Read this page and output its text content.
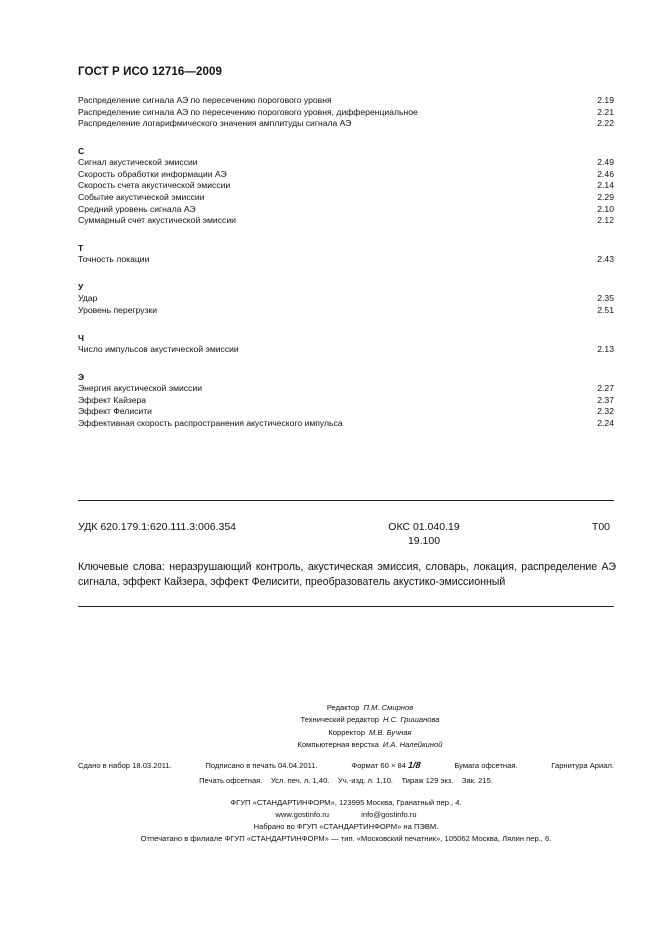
ГОСТ Р ИСО 12716—2009
Распределение сигнала АЭ по пересечению порогового уровня	2.19
Распределение сигнала АЭ по пересечению порогового уровня, дифференциальное	2.21
Распределение логарифмического значения амплитуды сигнала АЭ	2.22
С
Сигнал акустической эмиссии	2.49
Скорость обработки информации АЭ	2.46
Скорость счета акустической эмиссии	2.14
Событие акустической эмиссии	2.29
Средний уровень сигнала АЭ	2.10
Суммарный счет акустической эмиссии	2.12
Т
Точность локации	2.43
У
Удар	2.35
Уровень перегрузки	2.51
Ч
Число импульсов акустической эмиссии	2.13
Э
Энергия акустической эмиссии	2.27
Эффект Кайзера	2.37
Эффект Фелисити	2.32
Эффективная скорость распространения акустического импульса	2.24
УДК 620.179.1:620.111.3:006.354	ОКС 01.040.19
19.100
Т00
Ключевые слова: неразрушающий контроль, акустическая эмиссия, словарь, локация, распределение АЭ сигнала, эффект Кайзера, эффект Фелисити, преобразователь акустико-эмиссионный
Редактор П.М. Смирнов
Технический редактор Н.С. Гришанова
Корректор М.В. Бучная
Компьютерная верстка И.А. Налейкиной
Сдано в набор 18.03.2011.	Подписано в печать 04.04.2011.	Формат 60 × 84 1/8	Бумага офсетная.	Гарнитура Ариал.
Печать офсетная. Усл. печ. л. 1,40. Уч.-изд. л. 1,10. Тираж 129 экз. Зак. 215.
ФГУП «СТАНДАРТИНФОРМ», 123995 Москва, Гранатный пер., 4.
www.gostinfo.ru	info@gostinfo.ru
Набрано во ФГУП «СТАНДАРТИНФОРМ» на ПЭВМ.
Отпечатано в филиале ФГУП «СТАНДАРТИНФОРМ» — тип. «Московский печатник», 105062 Москва, Лялин пер., 6.
